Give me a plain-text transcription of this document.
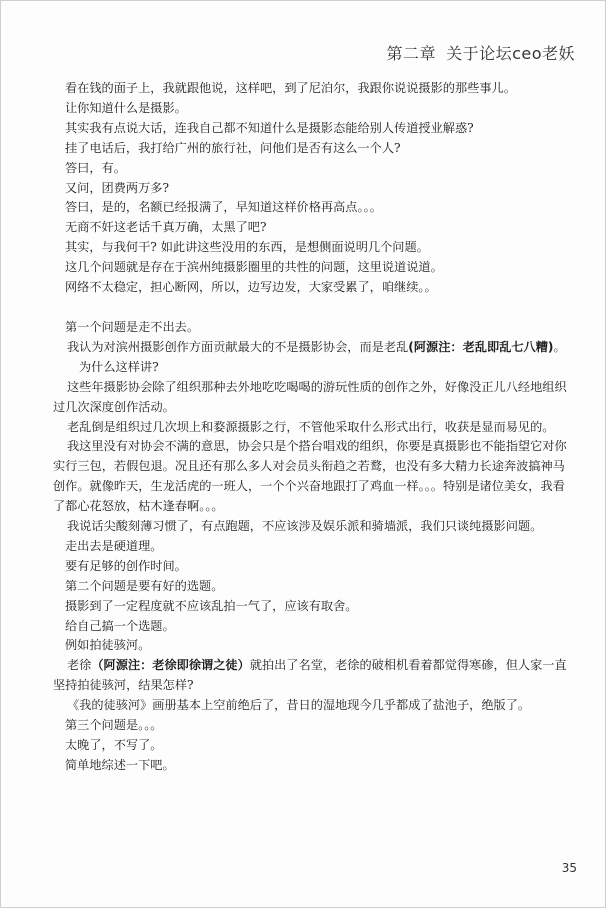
第二章 关于论坛ceo老妖

看在钱的面子上，我就跟他说，这样吧，到了尼泊尔，我跟你说说摄影的那些事儿。

让你知道什么是摄影。

其实我有点说大话，连我自己都不知道什么是摄影态能给别人传道授业解惑?

挂了电话后，我打给广州的旅行社，问他们是否有这么一个人?

答曰，有。

又问，团费两万多?

答曰，是的，名额已经报满了，早知道这样价格再高点。。。

无商不奸这老话千真万确，太黑了吧?

其实，与我何干? 如此讲这些没用的东西，是想侧面说明几个问题。

这几个问题就是存在于滨州纯摄影圈里的共性的问题，这里说道说道。

网络不太稳定，担心断网，所以，边写边发，大家受累了，咱继续。。

第一个问题是走不出去。

我认为对滨州摄影创作方面贡献最大的不是摄影协会，而是老乱(阿源注：老乱即乱七八糟)。

为什么这样讲?

这些年摄影协会除了组织那种去外地吃吃喝喝的游玩性质的创作之外，好像没正儿八经地组织过几次深度创作活动。

老乱倒是组织过几次坝上和婺源摄影之行，不管他采取什么形式出行，收获是显而易见的。

我这里没有对协会不满的意思，协会只是个搭台唱戏的组织，你要是真摄影也不能指望它对你实行三包，若假包退。况且还有那么多人对会员头衔趋之若鹜，也没有多大精力长途奔波搞神马创作。就像昨天，生龙活虎的一班人，一个个兴奋地跟打了鸡血一样。。。特别是诸位美女，我看了都心花怒放，枯木逢春啊。。。

我说话尖酸刻薄习惯了，有点跑题，不应该涉及娱乐派和骑墙派，我们只谈纯摄影问题。

走出去是硬道理。

要有足够的创作时间。

第二个问题是要有好的选题。

摄影到了一定程度就不应该乱拍一气了，应该有取舍。

给自己搞一个选题。

例如拍徒骇河。

老徐（阿源注：老徐即徐谓之徒）就拍出了名堂，老徐的破相机看着都觉得寒碜，但人家一直坚持拍徒骇河，结果怎样?

《我的徒骇河》画册基本上空前绝后了，昔日的湿地现今几乎都成了盐池子，绝版了。

第三个问题是。。。

太晚了，不写了。

简单地综述一下吧。

35
